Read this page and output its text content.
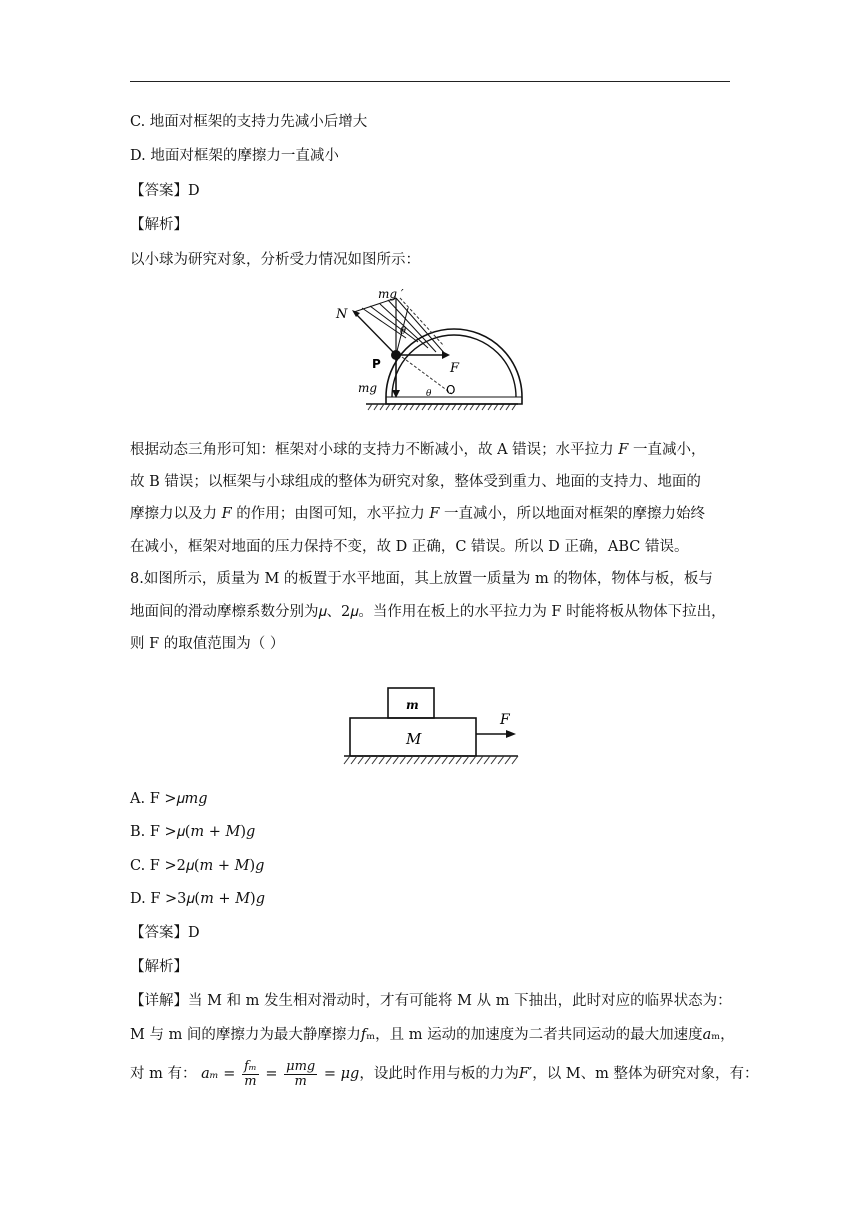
C. 地面对框架的支持力先减小后增大
D. 地面对框架的摩擦力一直减小
【答案】D
【解析】
以小球为研究对象，分析受力情况如图所示：
N
mg ′
θ
P	F
mg	O
θ
根据动态三角形可知：框架对小球的支持力不断减小，故 A 错误；水平拉力 𝐹 一直减小，
故 B 错误；以框架与小球组成的整体为研究对象，整体受到重力、地面的支持力、地面的
摩擦力以及力 𝐹 的作用；由图可知，水平拉力 𝐹 一直减小，所以地面对框架的摩擦力始终
在减小，框架对地面的压力保持不变，故 D 正确，C 错误。所以 D 正确，ABC 错误。
8.如图所示，质量为 M 的板置于水平地面，其上放置一质量为 m 的物体，物体与板，板与
地面间的滑动摩檫系数分别为𝜇、2𝜇。当作用在板上的水平拉力为 F 时能将板从物体下拉出，
则 F 的取值范围为（ ）
m
M
F
A. F >𝜇𝑚𝑔
B. F >𝜇(𝑚 + 𝑀)𝑔
C. F >2𝜇(𝑚 + 𝑀)𝑔
D. F >3𝜇(𝑚 + 𝑀)𝑔
【答案】D
【解析】
【详解】当 M 和 m 发生相对滑动时，才有可能将 M 从 m 下抽出，此时对应的临界状态为：
M 与 m 间的摩擦力为最大静摩擦力𝑓ₘ，且 m 运动的加速度为二者共同运动的最大加速度𝑎ₘ，
对 m 有： 𝑎ₘ = $\frac{\text{𝑓ₘ}}{\text{𝑚}} = \frac{\text{𝜇𝑚𝑔}}{\text{𝑚}}$ = 𝜇𝑔，设此时作用与板的力为𝐹′，以 M、m 整体为研究对象，有：
